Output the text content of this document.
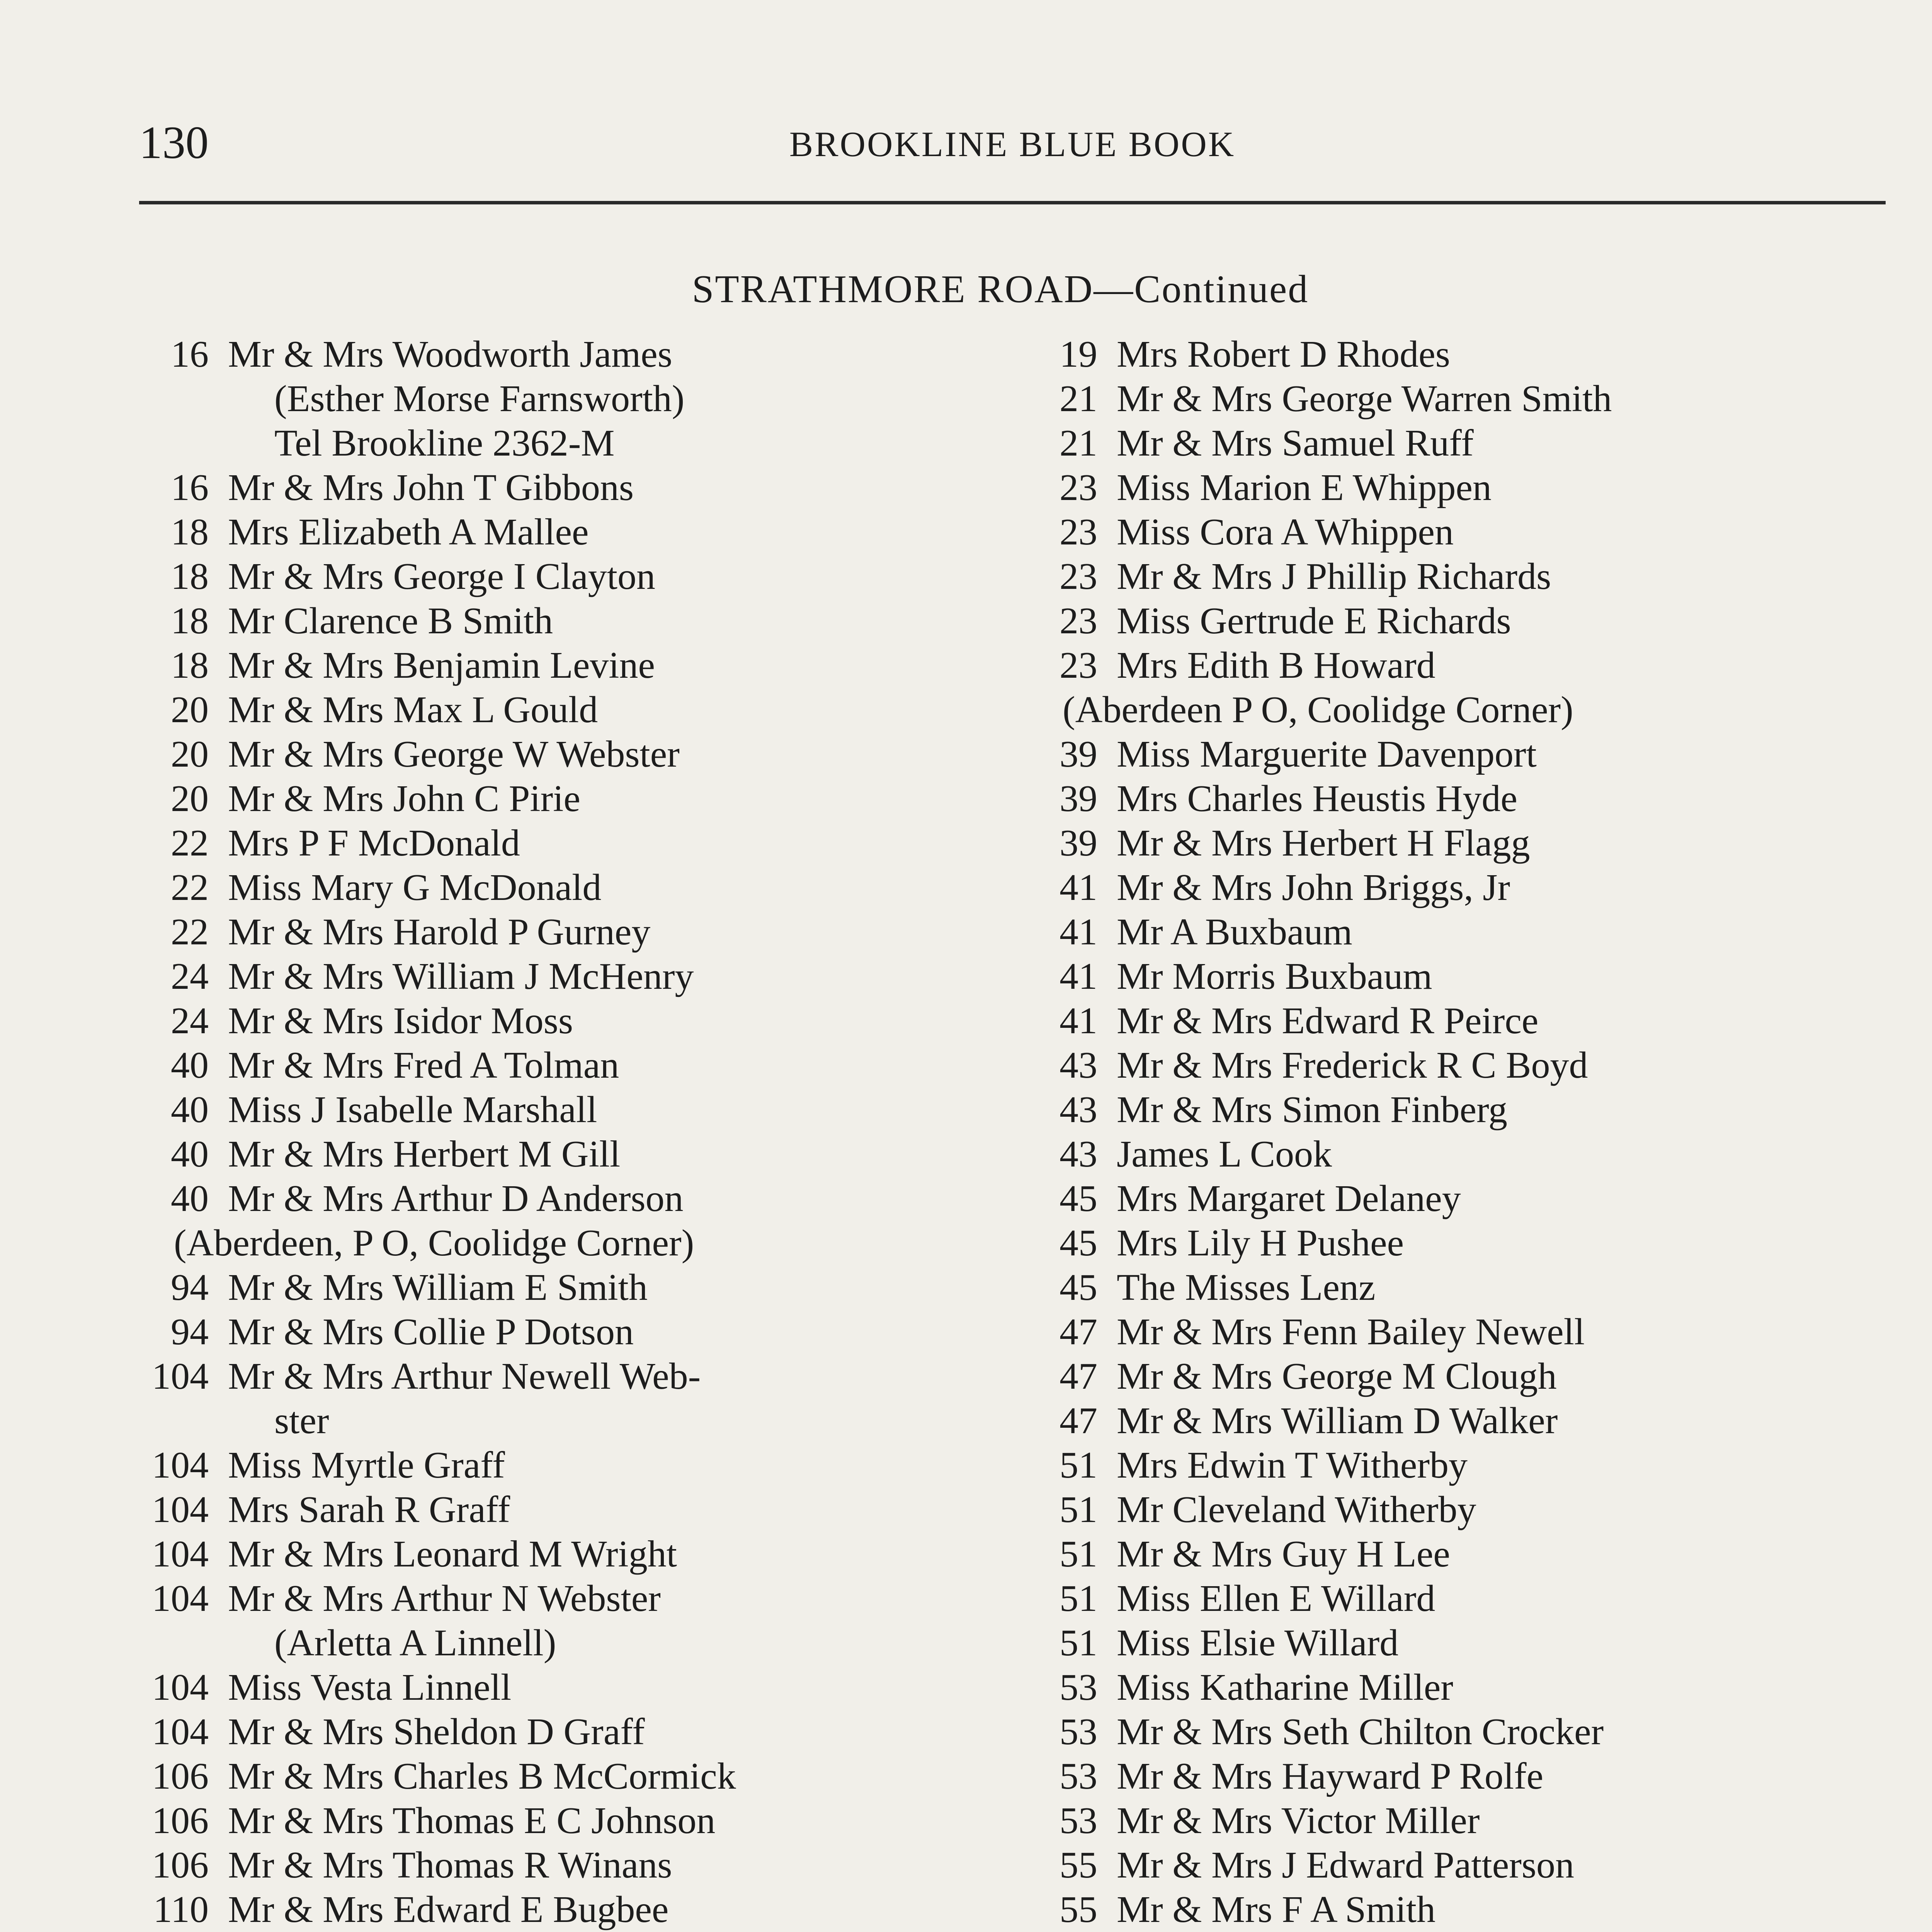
130	BROOKLINE BLUE BOOK
STRATHMORE ROAD—Continued
16 Mr & Mrs Woodworth James
(Esther Morse Farnsworth)
Tel Brookline 2362-M
16 Mr & Mrs John T Gibbons
18 Mrs Elizabeth A Mallee
18 Mr & Mrs George I Clayton
18 Mr Clarence B Smith
18 Mr & Mrs Benjamin Levine
20 Mr & Mrs Max L Gould
20 Mr & Mrs George W Webster
20 Mr & Mrs John C Pirie
22 Mrs P F McDonald
22 Miss Mary G McDonald
22 Mr & Mrs Harold P Gurney
24 Mr & Mrs William J McHenry
24 Mr & Mrs Isidor Moss
40 Mr & Mrs Fred A Tolman
40 Miss J Isabelle Marshall
40 Mr & Mrs Herbert M Gill
40 Mr & Mrs Arthur D Anderson
(Aberdeen, P O, Coolidge Corner)
94 Mr & Mrs William E Smith
94 Mr & Mrs Collie P Dotson
104 Mr & Mrs Arthur Newell Web-
ster
104 Miss Myrtle Graff
104 Mrs Sarah R Graff
104 Mr & Mrs Leonard M Wright
104 Mr & Mrs Arthur N Webster
(Arletta A Linnell)
104 Miss Vesta Linnell
104 Mr & Mrs Sheldon D Graff
106 Mr & Mrs Charles B McCormick
106 Mr & Mrs Thomas E C Johnson
106 Mr & Mrs Thomas R Winans
110 Mr & Mrs Edward E Bugbee
19 Mrs Robert D Rhodes
21 Mr & Mrs George Warren Smith
21 Mr & Mrs Samuel Ruff
23 Miss Marion E Whippen
23 Miss Cora A Whippen
23 Mr & Mrs J Phillip Richards
23 Miss Gertrude E Richards
23 Mrs Edith B Howard
(Aberdeen P O, Coolidge Corner)
39 Miss Marguerite Davenport
39 Mrs Charles Heustis Hyde
39 Mr & Mrs Herbert H Flagg
41 Mr & Mrs John Briggs, Jr
41 Mr A Buxbaum
41 Mr Morris Buxbaum
41 Mr & Mrs Edward R Peirce
43 Mr & Mrs Frederick R C Boyd
43 Mr & Mrs Simon Finberg
43 James L Cook
45 Mrs Margaret Delaney
45 Mrs Lily H Pushee
45 The Misses Lenz
47 Mr & Mrs Fenn Bailey Newell
47 Mr & Mrs George M Clough
47 Mr & Mrs William D Walker
51 Mrs Edwin T Witherby
51 Mr Cleveland Witherby
51 Mr & Mrs Guy H Lee
51 Miss Ellen E Willard
51 Miss Elsie Willard
53 Miss Katharine Miller
53 Mr & Mrs Seth Chilton Crocker
53 Mr & Mrs Hayward P Rolfe
53 Mr & Mrs Victor Miller
55 Mr & Mrs J Edward Patterson
55 Mr & Mrs F A Smith
